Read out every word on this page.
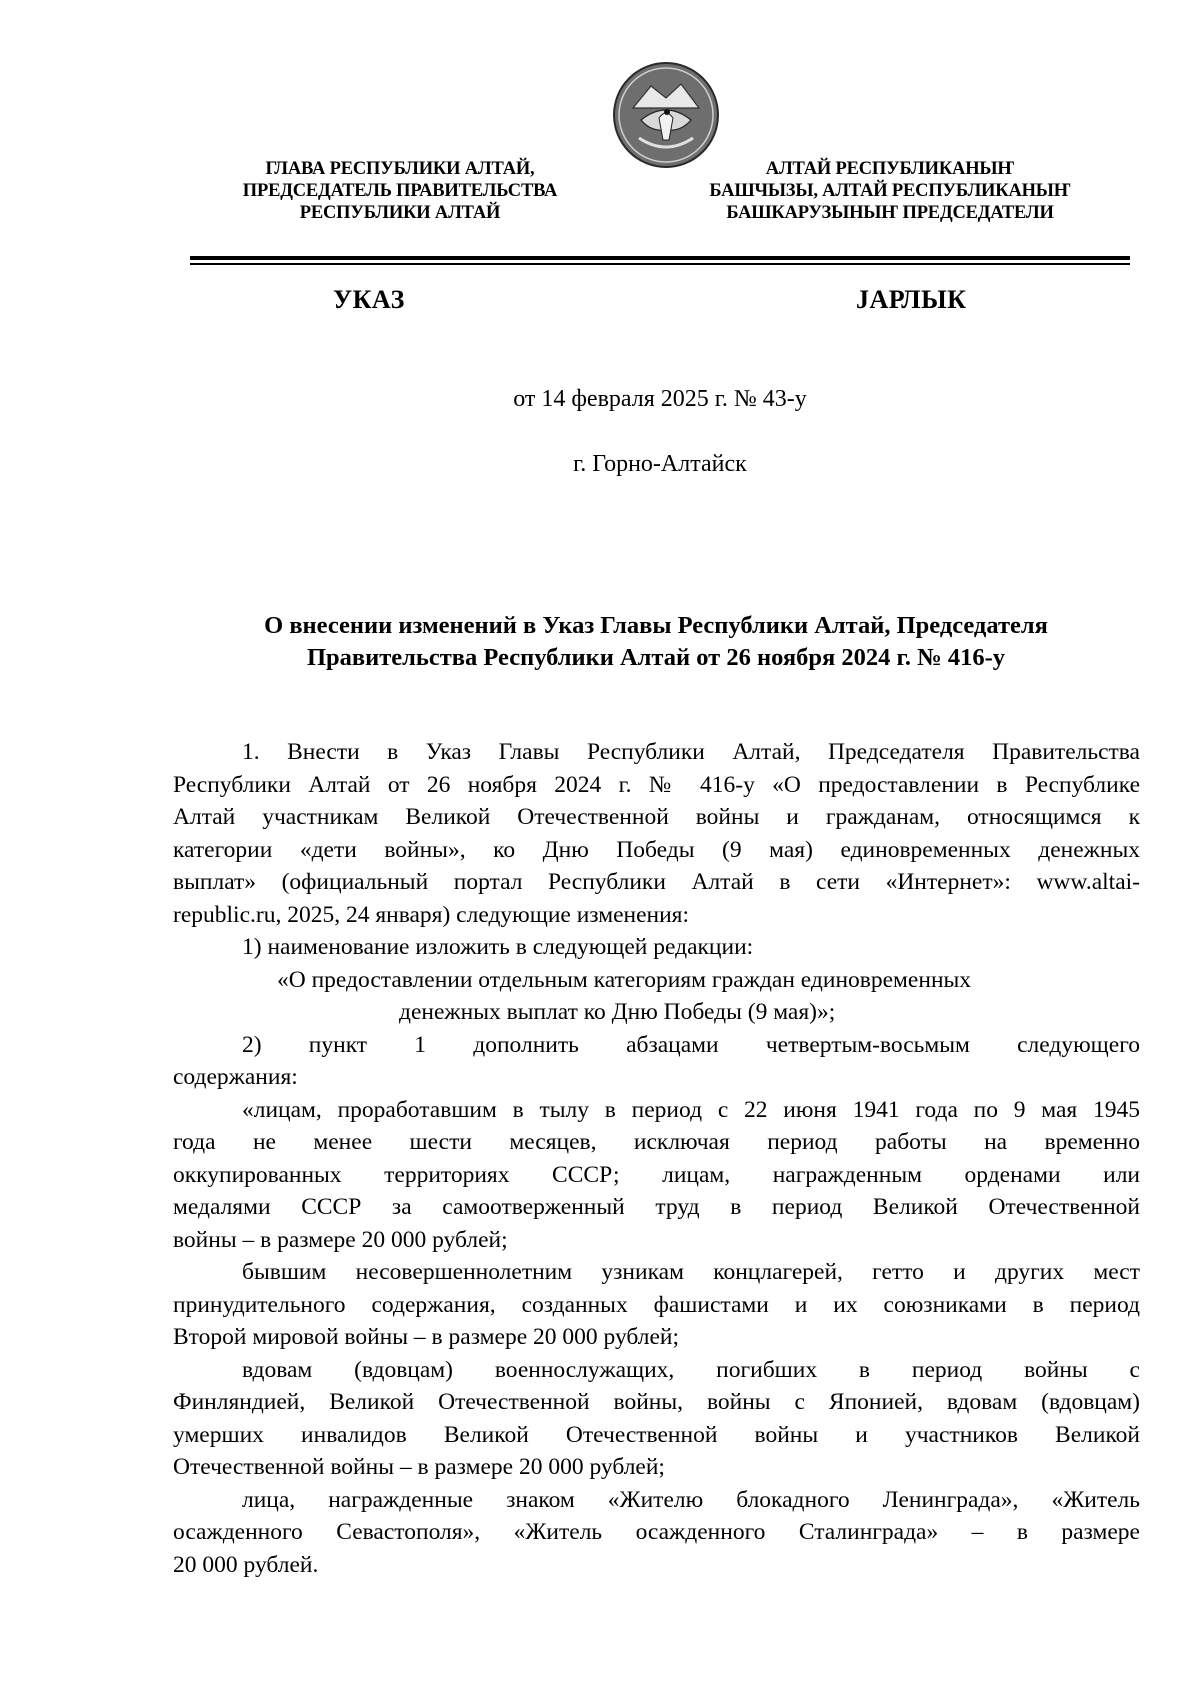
ГЛАВА РЕСПУБЛИКИ АЛТАЙ,
ПРЕДСЕДАТЕЛЬ ПРАВИТЕЛЬСТВА
РЕСПУБЛИКИ АЛТАЙ
АЛТАЙ РЕСПУБЛИКАНЫҤ
БАШЧЫЗЫ, АЛТАЙ РЕСПУБЛИКАНЫҤ
БАШКАРУЗЫНЫҤ ПРЕДСЕДАТЕЛИ
УКАЗ	JАРЛЫК
от 14 февраля 2025 г. № 43-у
г. Горно-Алтайск
О внесении изменений в Указ Главы Республики Алтай, Председателя
Правительства Республики Алтай от 26 ноября 2024 г. № 416-у
1. Внести в Указ Главы Республики Алтай, Председателя Правительства
Республики Алтай от 26 ноября 2024 г. № 416-у «О предоставлении в Республике
Алтай участникам Великой Отечественной войны и гражданам, относящимся к
категории «дети войны», ко Дню Победы (9 мая) единовременных денежных
выплат» (официальный портал Республики Алтай в сети «Интернет»: www.altai-
republic.ru, 2025, 24 января) следующие изменения:
1) наименование изложить в следующей редакции:
«О предоставлении отдельным категориям граждан единовременных
денежных выплат ко Дню Победы (9 мая)»;
2) пункт 1 дополнить абзацами четвертым-восьмым следующего
содержания:
«лицам, проработавшим в тылу в период с 22 июня 1941 года по 9 мая 1945
года не менее шести месяцев, исключая период работы на временно
оккупированных территориях СССР; лицам, награжденным орденами или
медалями СССР за самоотверженный труд в период Великой Отечественной
войны – в размере 20 000 рублей;
бывшим несовершеннолетним узникам концлагерей, гетто и других мест
принудительного содержания, созданных фашистами и их союзниками в период
Второй мировой войны – в размере 20 000 рублей;
вдовам (вдовцам) военнослужащих, погибших в период войны с
Финляндией, Великой Отечественной войны, войны с Японией, вдовам (вдовцам)
умерших инвалидов Великой Отечественной войны и участников Великой
Отечественной войны – в размере 20 000 рублей;
лица, награжденные знаком «Жителю блокадного Ленинграда», «Житель
осажденного Севастополя», «Житель осажденного Сталинграда» – в размере
20 000 рублей.
